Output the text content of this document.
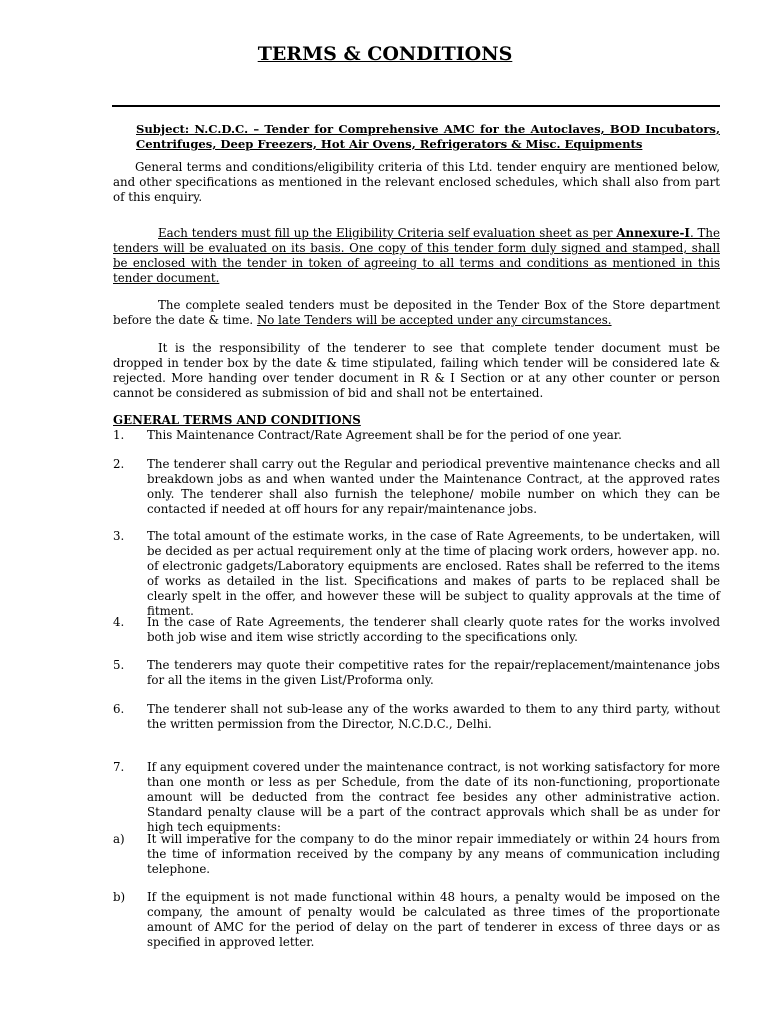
TERMS & CONDITIONS
Subject: N.C.D.C. – Tender for Comprehensive AMC for the Autoclaves, BOD Incubators, Centrifuges, Deep Freezers, Hot Air Ovens, Refrigerators & Misc. Equipments
General terms and conditions/eligibility criteria of this Ltd. tender enquiry are mentioned below, and other specifications as mentioned in the relevant enclosed schedules, which shall also from part of this enquiry.
Each tenders must fill up the Eligibility Criteria self evaluation sheet as per Annexure-I. The tenders will be evaluated on its basis. One copy of this tender form duly signed and stamped, shall be enclosed with the tender in token of agreeing to all terms and conditions as mentioned in this tender document.
The complete sealed tenders must be deposited in the Tender Box of the Store department before the date & time. No late Tenders will be accepted under any circumstances.
It is the responsibility of the tenderer to see that complete tender document must be dropped in tender box by the date & time stipulated, failing which tender will be considered late & rejected. More handing over tender document in R & I Section or at any other counter or person cannot be considered as submission of bid and shall not be entertained.
GENERAL TERMS AND CONDITIONS
1.	This Maintenance Contract/Rate Agreement shall be for the period of one year.
2.	The tenderer shall carry out the Regular and periodical preventive maintenance checks and all breakdown jobs as and when wanted under the Maintenance Contract, at the approved rates only. The tenderer shall also furnish the telephone/ mobile number on which they can be contacted if needed at off hours for any repair/maintenance jobs.
3.	The total amount of the estimate works, in the case of Rate Agreements, to be undertaken, will be decided as per actual requirement only at the time of placing work orders, however app. no. of electronic gadgets/Laboratory equipments are enclosed. Rates shall be referred to the items of works as detailed in the list. Specifications and makes of parts to be replaced shall be clearly spelt in the offer, and however these will be subject to quality approvals at the time of fitment.
4.	In the case of Rate Agreements, the tenderer shall clearly quote rates for the works involved both job wise and item wise strictly according to the specifications only.
5.	The tenderers may quote their competitive rates for the repair/replacement/maintenance jobs for all the items in the given List/Proforma only.
6.	The tenderer shall not sub-lease any of the works awarded to them to any third party, without the written permission from the Director, N.C.D.C., Delhi.
7.	If any equipment covered under the maintenance contract, is not working satisfactory for more than one month or less as per Schedule, from the date of its non-functioning, proportionate amount will be deducted from the contract fee besides any other administrative action. Standard penalty clause will be a part of the contract approvals which shall be as under for high tech equipments:
a)	It will imperative for the company to do the minor repair immediately or within 24 hours from the time of information received by the company by any means of communication including telephone.
b)	If the equipment is not made functional within 48 hours, a penalty would be imposed on the company, the amount of penalty would be calculated as three times of the proportionate amount of AMC for the period of delay on the part of tenderer in excess of three days or as specified in approved letter.
